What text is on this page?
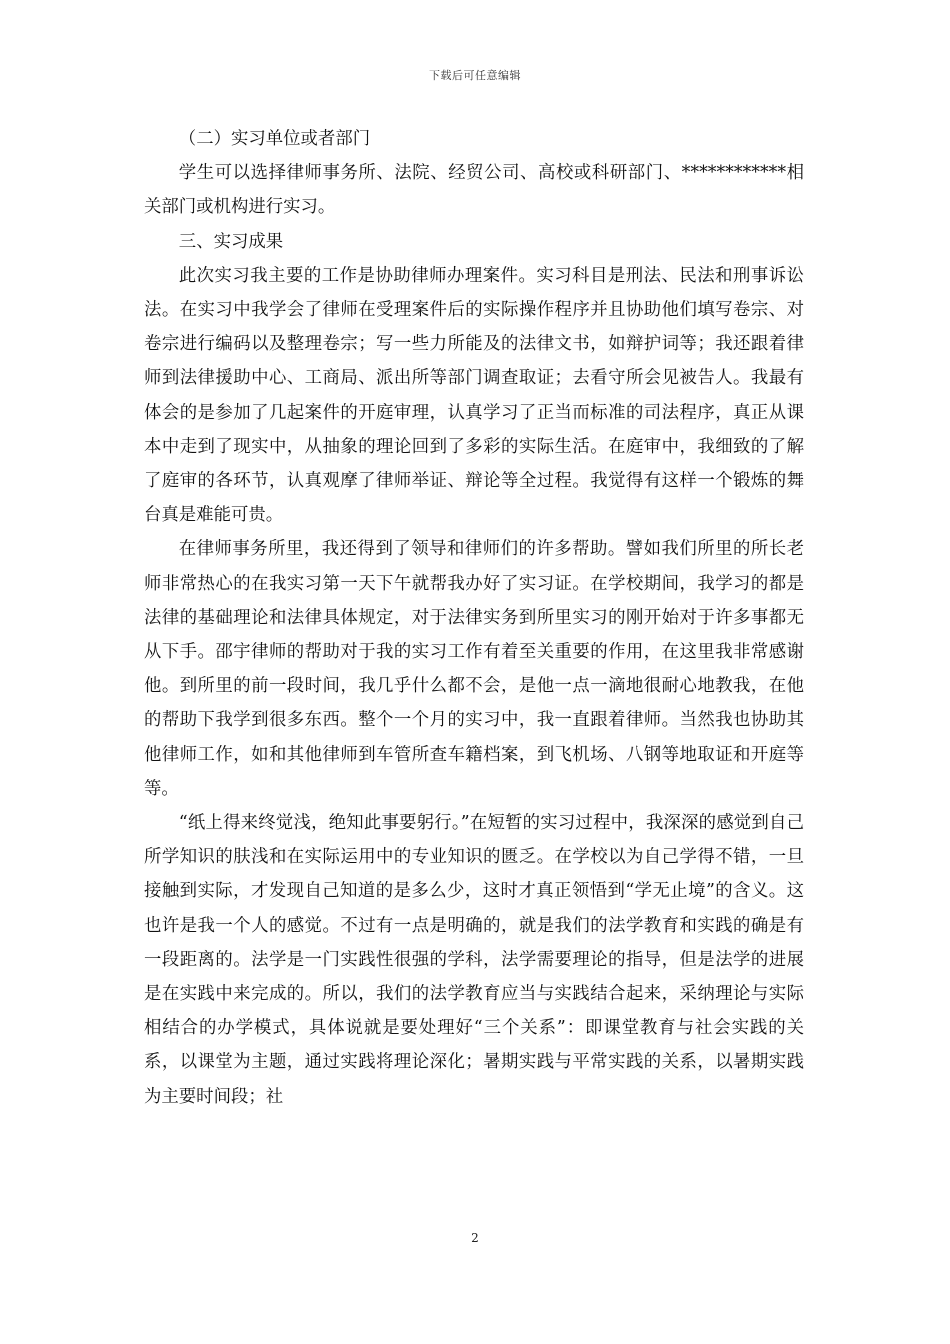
下载后可任意编辑

（二）实习单位或者部门

学生可以选择律师事务所、法院、经贸公司、高校或科研部门、************相关部门或机构进行实习。

三、实习成果

此次实习我主要的工作是协助律师办理案件。实习科目是刑法、民法和刑事诉讼法。在实习中我学会了律师在受理案件后的实际操作程序并且协助他们填写卷宗、对卷宗进行编码以及整理卷宗；写一些力所能及的法律文书，如辩护词等；我还跟着律师到法律援助中心、工商局、派出所等部门调查取证；去看守所会见被告人。我最有体会的是参加了几起案件的开庭审理，认真学习了正当而标准的司法程序，真正从课本中走到了现实中，从抽象的理论回到了多彩的实际生活。在庭审中，我细致的了解了庭审的各环节，认真观摩了律师举证、辩论等全过程。我觉得有这样一个锻炼的舞台真是难能可贵。

在律师事务所里，我还得到了领导和律师们的许多帮助。譬如我们所里的所长老师非常热心的在我实习第一天下午就帮我办好了实习证。在学校期间，我学习的都是法律的基础理论和法律具体规定，对于法律实务到所里实习的刚开始对于许多事都无从下手。邵宇律师的帮助对于我的实习工作有着至关重要的作用，在这里我非常感谢他。到所里的前一段时间，我几乎什么都不会，是他一点一滴地很耐心地教我，在他的帮助下我学到很多东西。整个一个月的实习中，我一直跟着律师。当然我也协助其他律师工作，如和其他律师到车管所查车籍档案，到飞机场、八钢等地取证和开庭等等。

“纸上得来终觉浅，绝知此事要躬行。”在短暂的实习过程中，我深深的感觉到自己所学知识的肤浅和在实际运用中的专业知识的匮乏。在学校以为自己学得不错，一旦接触到实际，才发现自己知道的是多么少，这时才真正领悟到“学无止境”的含义。这也许是我一个人的感觉。不过有一点是明确的，就是我们的法学教育和实践的确是有一段距离的。法学是一门实践性很强的学科，法学需要理论的指导，但是法学的进展是在实践中来完成的。所以，我们的法学教育应当与实践结合起来，采纳理论与实际相结合的办学模式，具体说就是要处理好“三个关系”：即课堂教育与社会实践的关系，以课堂为主题，通过实践将理论深化；暑期实践与平常实践的关系，以暑期实践为主要时间段；社

2
